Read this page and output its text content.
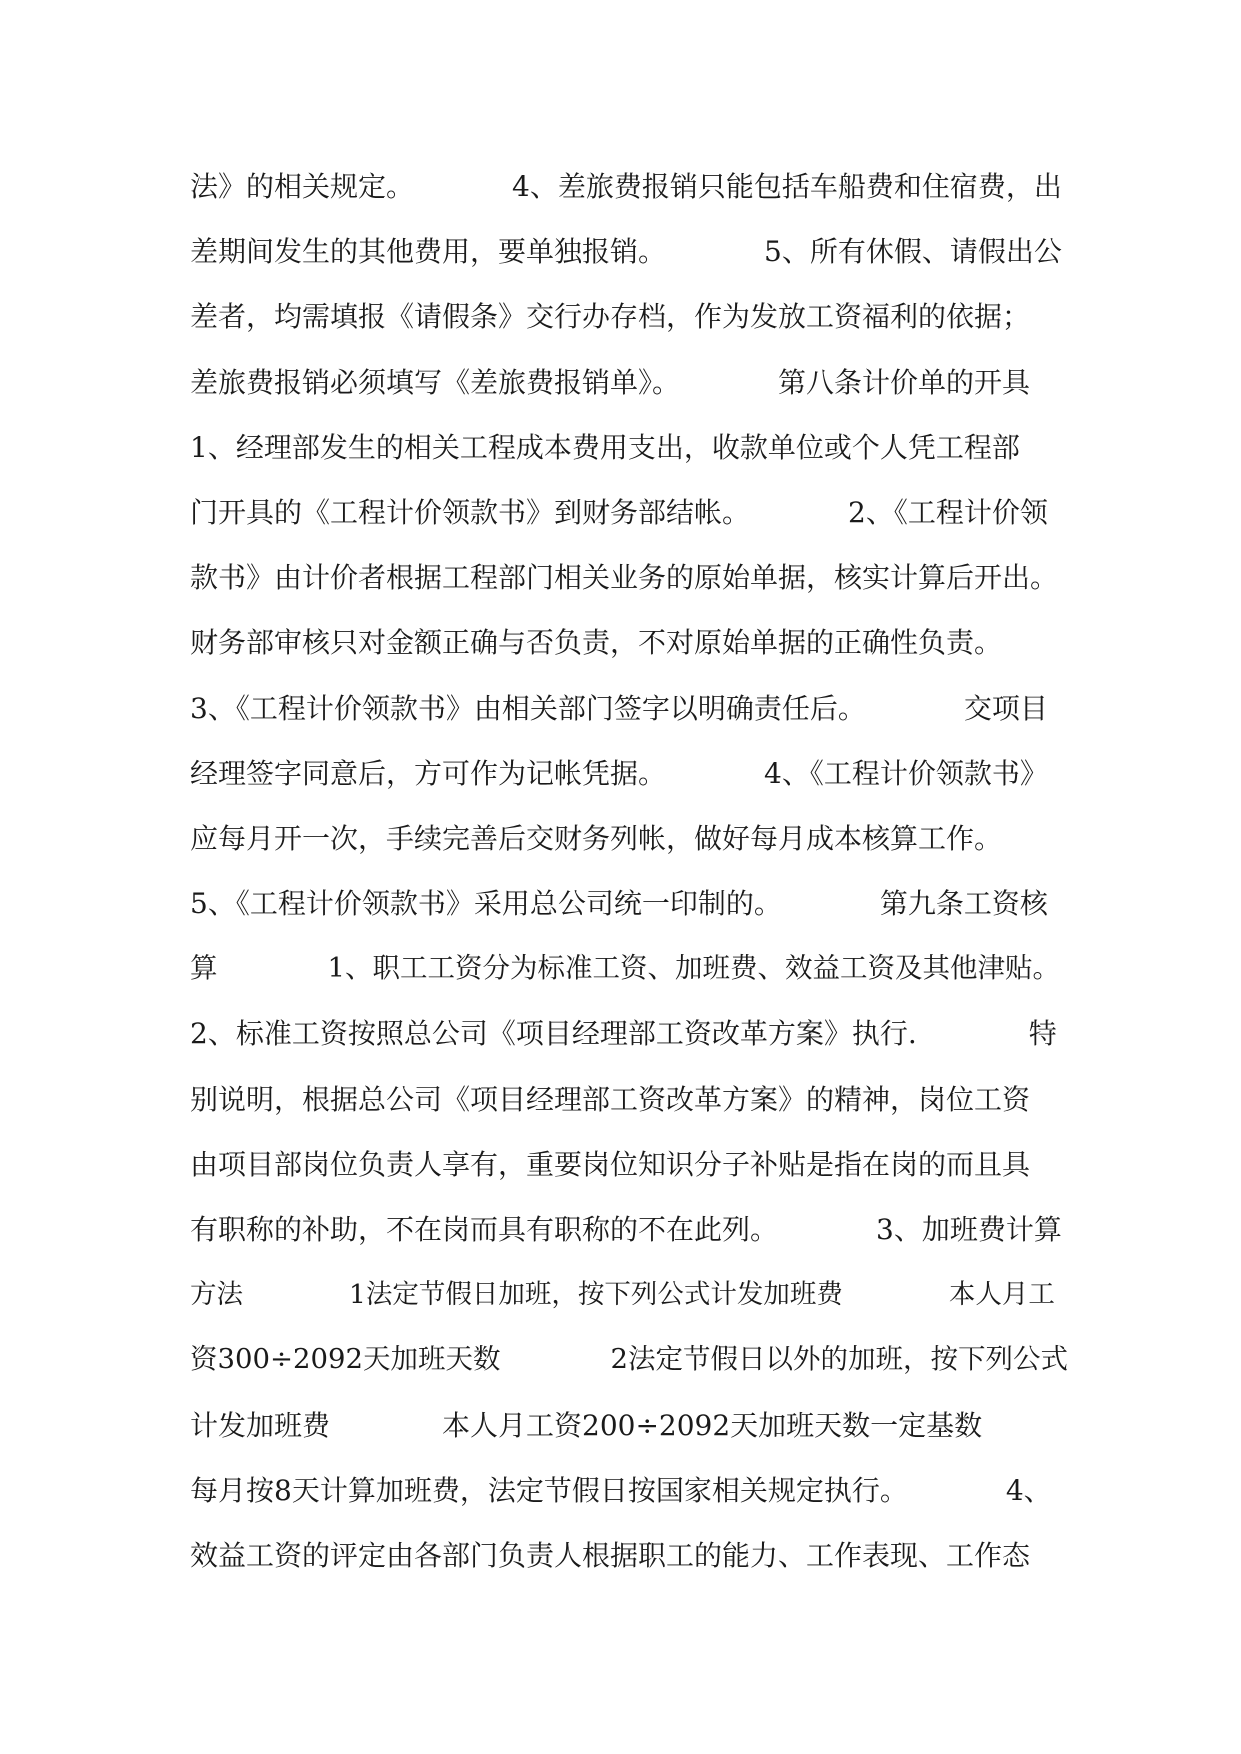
法》的相关规定。　　　　4、差旅费报销只能包括车船费和住宿费，出
差期间发生的其他费用，要单独报销。　　　　5、所有休假、请假出公
差者，均需填报《请假条》交行办存档，作为发放工资福利的依据；
差旅费报销必须填写《差旅费报销单》。　　　　第八条计价单的开具
1、经理部发生的相关工程成本费用支出，收款单位或个人凭工程部
门开具的《工程计价领款书》到财务部结帐。　　　　2、《工程计价领
款书》由计价者根据工程部门相关业务的原始单据，核实计算后开出。
财务部审核只对金额正确与否负责，不对原始单据的正确性负责。
3、《工程计价领款书》由相关部门签字以明确责任后。　　　　交项目
经理签字同意后，方可作为记帐凭据。　　　　4、《工程计价领款书》
应每月开一次，手续完善后交财务列帐，做好每月成本核算工作。
5、《工程计价领款书》采用总公司统一印制的。　　　　第九条工资核
算　　　　1、职工工资分为标准工资、加班费、效益工资及其他津贴。
2、标准工资按照总公司《项目经理部工资改革方案》执行.　　　　特
别说明，根据总公司《项目经理部工资改革方案》的精神，岗位工资
由项目部岗位负责人享有，重要岗位知识分子补贴是指在岗的而且具
有职称的补助，不在岗而具有职称的不在此列。　　　　3、加班费计算
方法　　　　1法定节假日加班，按下列公式计发加班费　　　　本人月工
资300÷2092天加班天数　　　　2法定节假日以外的加班，按下列公式
计发加班费　　　　本人月工资200÷2092天加班天数一定基数
每月按8天计算加班费，法定节假日按国家相关规定执行。　　　　4、
效益工资的评定由各部门负责人根据职工的能力、工作表现、工作态
